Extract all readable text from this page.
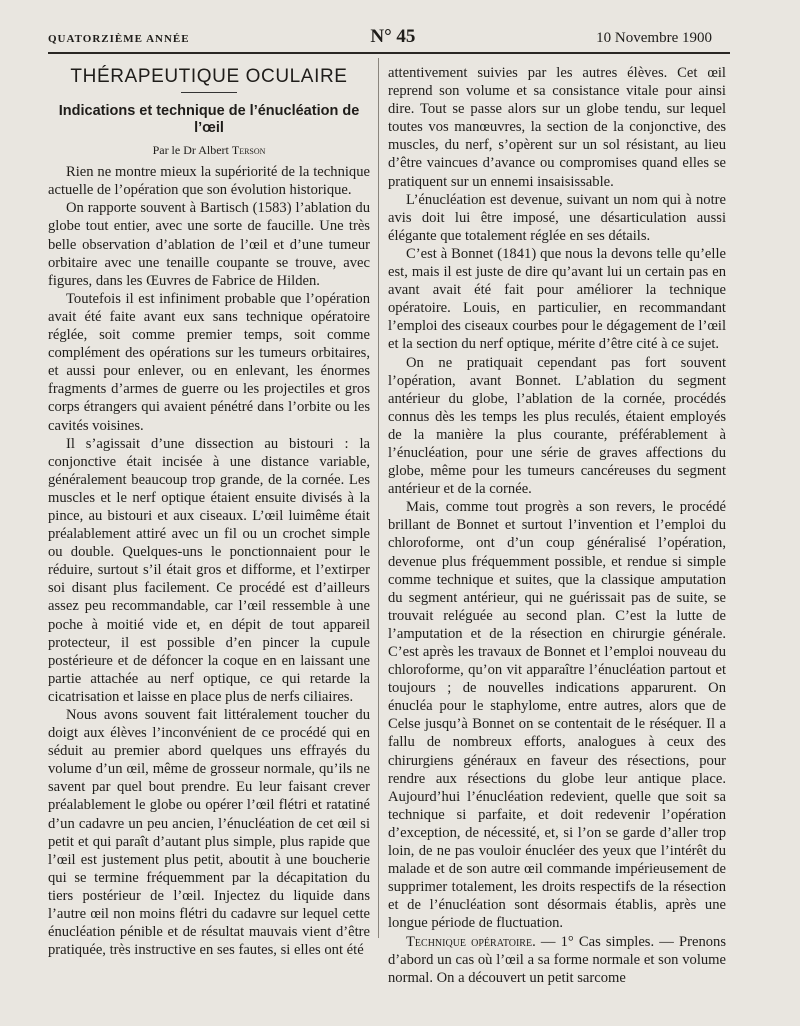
QUATORZIÈME ANNÉE	N° 45	10 Novembre 1900
THÉRAPEUTIQUE OCULAIRE
Indications et technique de l’énucléation de l’œil
Par le Dr Albert Terson

Rien ne montre mieux la supériorité de la technique actuelle de l’opération que son évolution historique.

On rapporte souvent à Bartisch (1583) l’ablation du globe tout entier, avec une sorte de faucille. Une très belle observation d’ablation de l’œil et d’une tumeur orbitaire avec une tenaille coupante se trouve, avec figures, dans les Œuvres de Fabrice de Hilden.

Toutefois il est infiniment probable que l’opération avait été faite avant eux sans technique opératoire réglée, soit comme premier temps, soit comme complément des opérations sur les tumeurs orbitaires, et aussi pour enlever, ou en enlevant, les énormes fragments d’armes de guerre ou les projectiles et gros corps étrangers qui avaient pénétré dans l’orbite ou les cavités voisines.

Il s’agissait d’une dissection au bistouri : la conjonctive était incisée à une distance variable, généralement beaucoup trop grande, de la cornée. Les muscles et le nerf optique étaient ensuite divisés à la pince, au bistouri et aux ciseaux. L’œil luimême était préalablement attiré avec un fil ou un crochet simple ou double. Quelques-uns le ponctionnaient pour le réduire, surtout s’il était gros et difforme, et l’extirper soi disant plus facilement. Ce procédé est d’ailleurs assez peu recommandable, car l’œil ressemble à une poche à moitié vide et, en dépit de tout appareil protecteur, il est possible d’en pincer la cupule postérieure et de défoncer la coque en en laissant une partie attachée au nerf optique, ce qui retarde la cicatrisation et laisse en place plus de nerfs ciliaires.

Nous avons souvent fait littéralement toucher du doigt aux élèves l’inconvénient de ce procédé qui en séduit au premier abord quelques uns effrayés du volume d’un œil, même de grosseur normale, qu’ils ne savent par quel bout prendre. Eu leur faisant crever préalablement le globe ou opérer l’œil flétri et ratatiné d’un cadavre un peu ancien, l’énucléation de cet œil si petit et qui paraît d’autant plus simple, plus rapide que l’œil est justement plus petit, aboutit à une boucherie qui se termine fréquemment par la décapitation du tiers postérieur de l’œil. Injectez du liquide dans l’autre œil non moins flétri du cadavre sur lequel cette énucléation pénible et de résultat mauvais vient d’être pratiquée, très instructive en ses fautes, si elles ont été

attentivement suivies par les autres élèves. Cet œil reprend son volume et sa consistance vitale pour ainsi dire. Tout se passe alors sur un globe tendu, sur lequel toutes vos manœuvres, la section de la conjonctive, des muscles, du nerf, s’opèrent sur un sol résistant, au lieu d’être vaincues d’avance ou compromises quand elles se pratiquent sur un ennemi insaisissable.

L’énucléation est devenue, suivant un nom qui à notre avis doit lui être imposé, une désarticulation aussi élégante que totalement réglée en ses détails.

C’est à Bonnet (1841) que nous la devons telle qu’elle est, mais il est juste de dire qu’avant lui un certain pas en avant avait été fait pour améliorer la technique opératoire. Louis, en particulier, en recommandant l’emploi des ciseaux courbes pour le dégagement de l’œil et la section du nerf optique, mérite d’être cité à ce sujet.

On ne pratiquait cependant pas fort souvent l’opération, avant Bonnet. L’ablation du segment antérieur du globe, l’ablation de la cornée, procédés connus dès les temps les plus reculés, étaient employés de la manière la plus courante, préférablement à l’énucléation, pour une série de graves affections du globe, même pour les tumeurs cancéreuses du segment antérieur et de la cornée.

Mais, comme tout progrès a son revers, le procédé brillant de Bonnet et surtout l’invention et l’emploi du chloroforme, ont d’un coup généralisé l’opération, devenue plus fréquemment possible, et rendue si simple comme technique et suites, que la classique amputation du segment antérieur, qui ne guérissait pas de suite, se trouvait reléguée au second plan. C’est la lutte de l’amputation et de la résection en chirurgie générale. C’est après les travaux de Bonnet et l’emploi nouveau du chloroforme, qu’on vit apparaître l’énucléation partout et toujours ; de nouvelles indications apparurent. On énucléa pour le staphylome, entre autres, alors que de Celse jusqu’à Bonnet on se contentait de le réséquer. Il a fallu de nombreux efforts, analogues à ceux des chirurgiens généraux en faveur des résections, pour rendre aux résections du globe leur antique place. Aujourd’hui l’énucléation redevient, quelle que soit sa technique si parfaite, et doit redevenir l’opération d’exception, de nécessité, et, si l’on se garde d’aller trop loin, de ne pas vouloir énucléer des yeux que l’intérêt du malade et de son autre œil commande impérieusement de supprimer totalement, les droits respectifs de la résection et de l’énucléation sont désormais établis, après une longue période de fluctuation.

Technique opératoire. — 1° Cas simples. — Prenons d’abord un cas où l’œil a sa forme normale et son volume normal. On a découvert un petit sarcome
